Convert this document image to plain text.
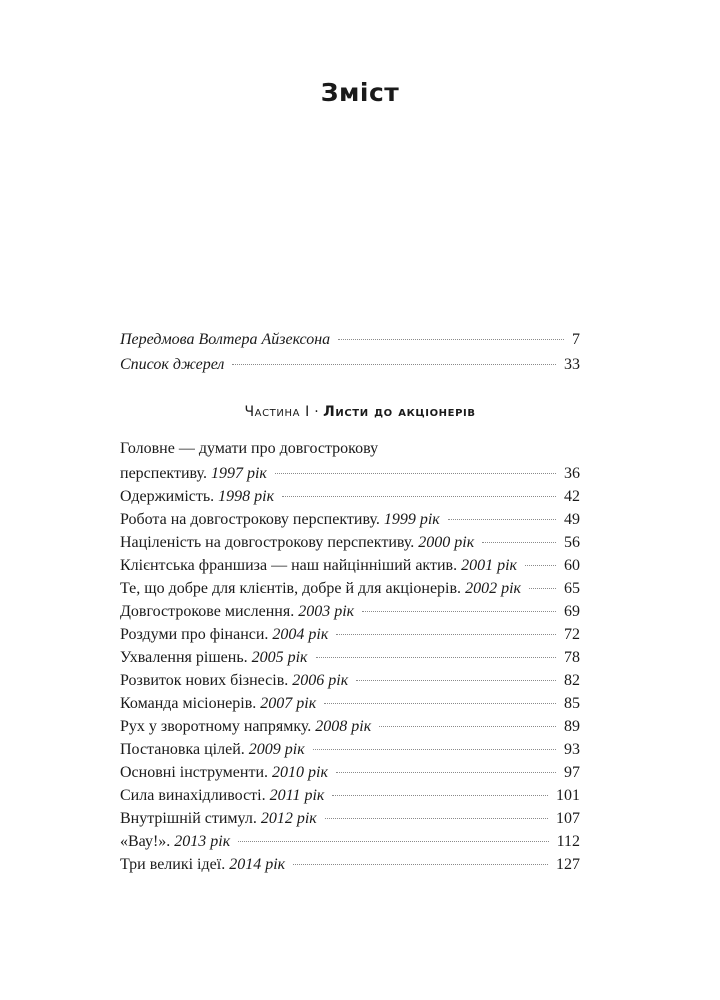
Зміст
Передмова Волтера Айзексона	7
Список джерел	33
Частина I · Листи до акціонерів
Головне — думати про довгострокову
перспективу. 1997 рік	36
Одержимість. 1998 рік	42
Робота на довгострокову перспективу. 1999 рік	49
Націленість на довгострокову перспективу. 2000 рік	56
Клієнтська франшиза — наш найцінніший актив. 2001 рік	60
Те, що добре для клієнтів, добре й для акціонерів. 2002 рік	65
Довгострокове мислення. 2003 рік	69
Роздуми про фінанси. 2004 рік	72
Ухвалення рішень. 2005 рік	78
Розвиток нових бізнесів. 2006 рік	82
Команда місіонерів. 2007 рік	85
Рух у зворотному напрямку. 2008 рік	89
Постановка цілей. 2009 рік	93
Основні інструменти. 2010 рік	97
Сила винахідливості. 2011 рік	101
Внутрішній стимул. 2012 рік	107
«Вау!». 2013 рік	112
Три великі ідеї. 2014 рік	127
